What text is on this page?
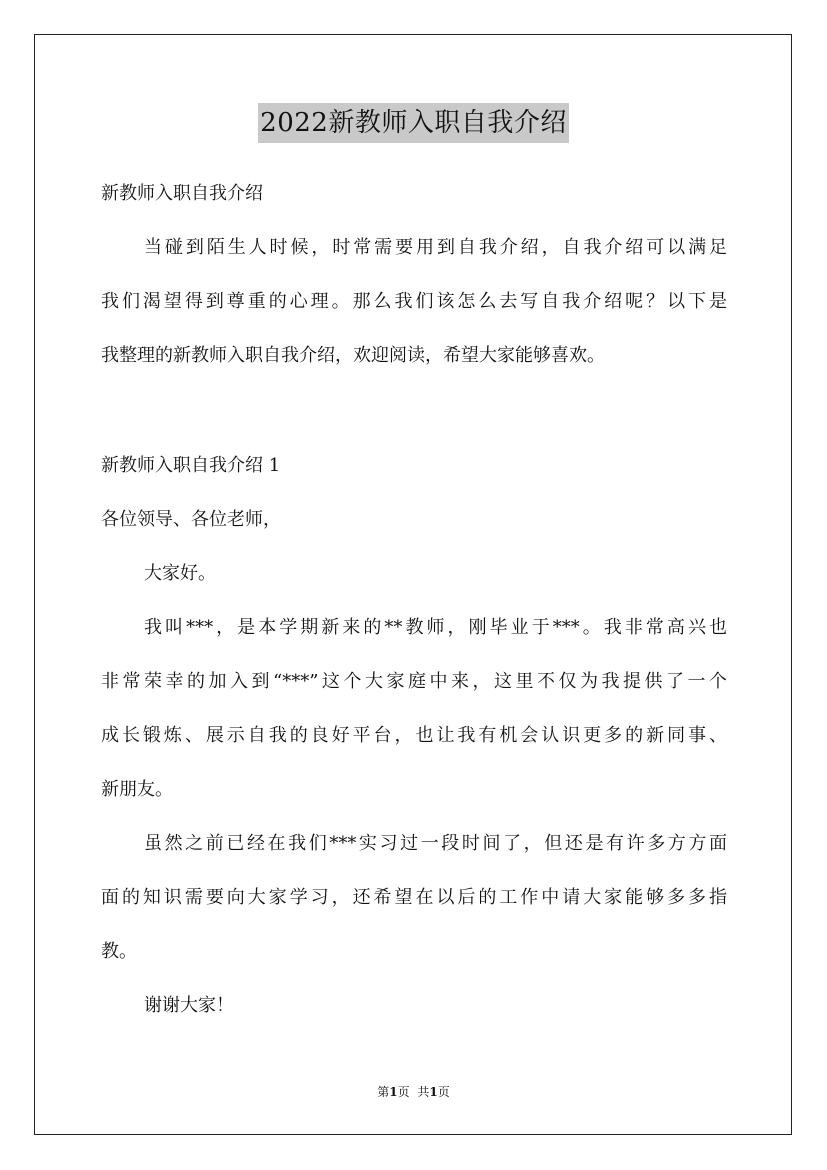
2022新教师入职自我介绍
新教师入职自我介绍
当碰到陌生人时候，时常需要用到自我介绍，自我介绍可以满足
我们渴望得到尊重的心理。那么我们该怎么去写自我介绍呢？以下是
我整理的新教师入职自我介绍，欢迎阅读，希望大家能够喜欢。
新教师入职自我介绍 1
各位领导、各位老师，
大家好。
我叫***，是本学期新来的**教师，刚毕业于***。我非常高兴也
非常荣幸的加入到“***”这个大家庭中来，这里不仅为我提供了一个
成长锻炼、展示自我的良好平台，也让我有机会认识更多的新同事、
新朋友。
虽然之前已经在我们***实习过一段时间了，但还是有许多方方面
面的知识需要向大家学习，还希望在以后的工作中请大家能够多多指
教。
谢谢大家！
第1页 共1页
